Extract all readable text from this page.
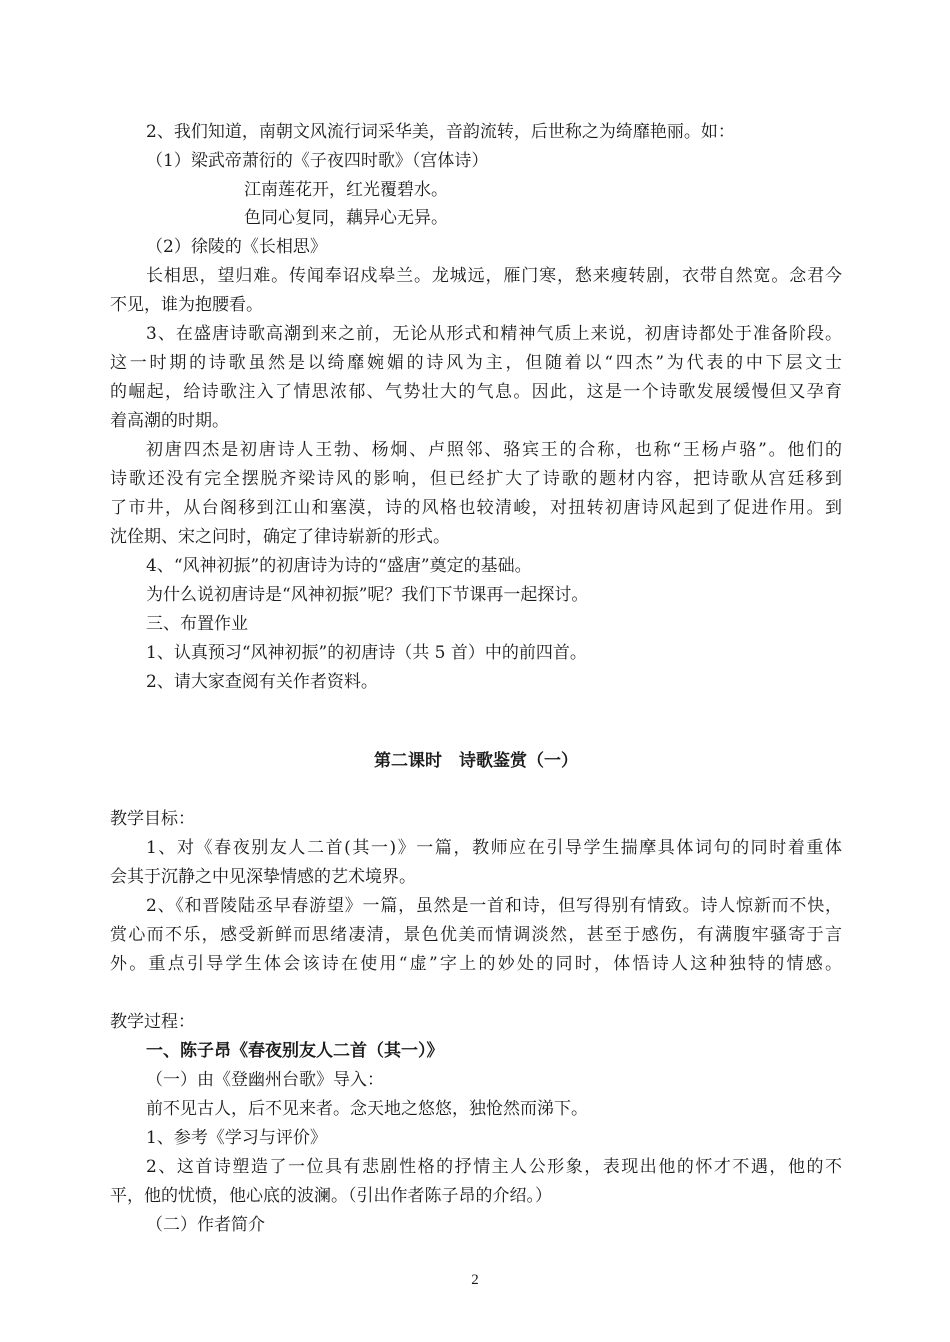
2、我们知道，南朝文风流行词采华美，音韵流转，后世称之为绮靡艳丽。如：
（1）梁武帝萧衍的《子夜四时歌》（宫体诗）
江南莲花开，红光覆碧水。
色同心复同，藕异心无异。
（2）徐陵的《长相思》
长相思，望归难。传闻奉诏戍皋兰。龙城远，雁门寒，愁来瘦转剧，衣带自然宽。念君今
不见，谁为抱腰看。
3、在盛唐诗歌高潮到来之前，无论从形式和精神气质上来说，初唐诗都处于准备阶段。
这一时期的诗歌虽然是以绮靡婉媚的诗风为主，但随着以“四杰”为代表的中下层文士
的崛起，给诗歌注入了情思浓郁、气势壮大的气息。因此，这是一个诗歌发展缓慢但又孕育
着高潮的时期。
初唐四杰是初唐诗人王勃、杨炯、卢照邻、骆宾王的合称，也称“王杨卢骆”。他们的
诗歌还没有完全摆脱齐梁诗风的影响，但已经扩大了诗歌的题材内容，把诗歌从宫廷移到
了市井，从台阁移到江山和塞漠，诗的风格也较清峻，对扭转初唐诗风起到了促进作用。到
沈佺期、宋之问时，确定了律诗崭新的形式。
4、“风神初振”的初唐诗为诗的“盛唐”奠定的基础。
为什么说初唐诗是“风神初振”呢？我们下节课再一起探讨。
三、布置作业
1、认真预习“风神初振”的初唐诗（共 5 首）中的前四首。
2、请大家查阅有关作者资料。
第二课时　诗歌鉴赏（一）
教学目标：
1、对《春夜别友人二首(其一)》一篇，教师应在引导学生揣摩具体词句的同时着重体
会其于沉静之中见深挚情感的艺术境界。
2、《和晋陵陆丞早春游望》一篇，虽然是一首和诗，但写得别有情致。诗人惊新而不快，
赏心而不乐，感受新鲜而思绪凄清，景色优美而情调淡然，甚至于感伤，有满腹牢骚寄于言
外。重点引导学生体会该诗在使用“虚”字上的妙处的同时，体悟诗人这种独特的情感。
教学过程：
一、陈子昂《春夜别友人二首（其一）》
（一）由《登幽州台歌》导入：
前不见古人，后不见来者。念天地之悠悠，独怆然而涕下。
1、参考《学习与评价》
2、这首诗塑造了一位具有悲剧性格的抒情主人公形象，表现出他的怀才不遇，他的不
平，他的忧愤，他心底的波澜。（引出作者陈子昂的介绍。）
（二）作者简介
2
